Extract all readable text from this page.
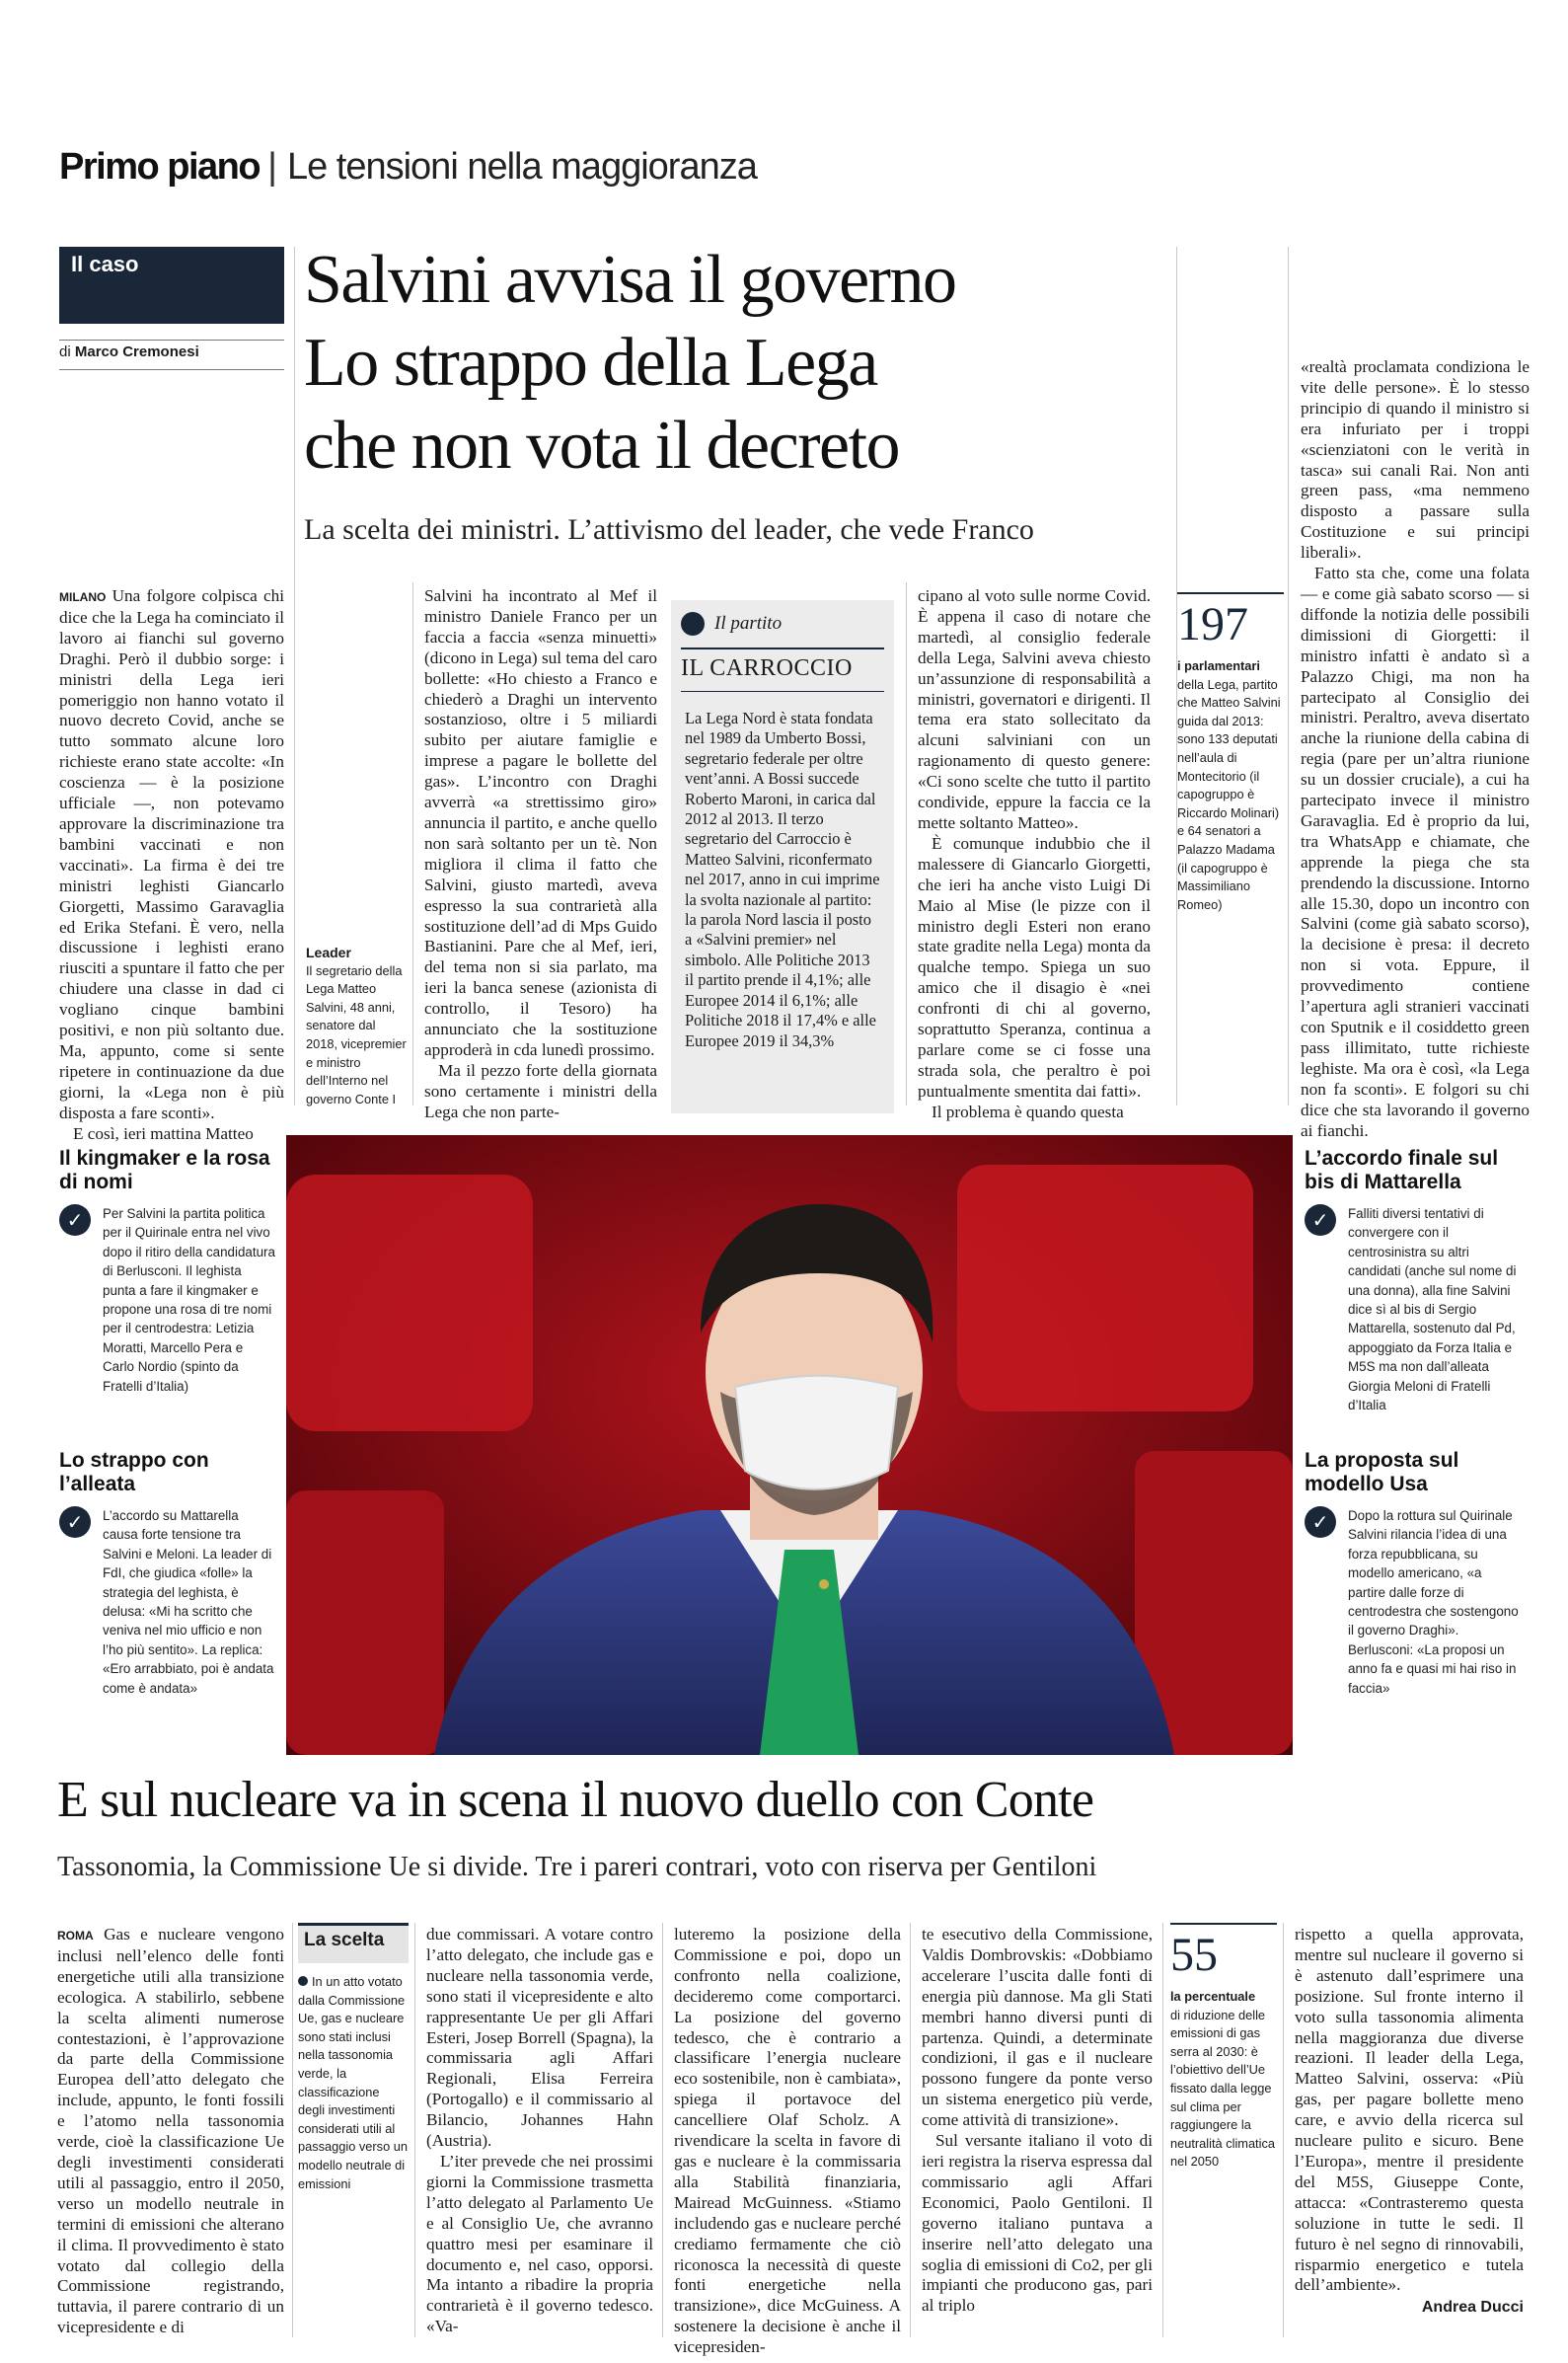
Primo piano | Le tensioni nella maggioranza
Il caso
di Marco Cremonesi
Salvini avvisa il governo
Lo strappo della Lega
che non vota il decreto
La scelta dei ministri. L’attivismo del leader, che vede Franco

MILANO Una folgore colpisca chi dice che la Lega ha cominciato il lavoro ai fianchi sul governo Draghi. Però il dubbio sorge: i ministri della Lega ieri pomeriggio non hanno votato il nuovo decreto Covid, anche se tutto sommato alcune loro richieste erano state accolte: «In coscienza — è la posizione ufficiale —, non potevamo approvare la discriminazione tra bambini vaccinati e non vaccinati». La firma è dei tre ministri leghisti Giancarlo Giorgetti, Massimo Garavaglia ed Erika Stefani. È vero, nella discussione i leghisti erano riusciti a spuntare il fatto che per chiudere una classe in dad ci vogliano cinque bambini positivi, e non più soltanto due. Ma, appunto, come si sente ripetere in continuazione da due giorni, la «Lega non è più disposta a fare sconti».

E così, ieri mattina Matteo

Leader
Il segretario della Lega Matteo Salvini, 48 anni, senatore dal 2018, vicepremier e ministro dell’Interno nel governo Conte I

Salvini ha incontrato al Mef il ministro Daniele Franco per un faccia a faccia «senza minuetti» (dicono in Lega) sul tema del caro bollette: «Ho chiesto a Franco e chiederò a Draghi un intervento sostanzioso, oltre i 5 miliardi subito per aiutare famiglie e imprese a pagare le bollette del gas». L’incontro con Draghi avverrà «a strettissimo giro» annuncia il partito, e anche quello non sarà soltanto per un tè. Non migliora il clima il fatto che Salvini, giusto martedì, aveva espresso la sua contrarietà alla sostituzione dell’ad di Mps Guido Bastianini. Pare che al Mef, ieri, del tema non si sia parlato, ma ieri la banca senese (azionista di controllo, il Tesoro) ha annunciato che la sostituzione approderà in cda lunedì prossimo.

Ma il pezzo forte della giornata sono certamente i ministri della Lega che non parte-

Il partito
IL CARROCCIO
La Lega Nord è stata fondata nel 1989 da Umberto Bossi, segretario federale per oltre vent’anni. A Bossi succede Roberto Maroni, in carica dal 2012 al 2013. Il terzo segretario del Carroccio è Matteo Salvini, riconfermato nel 2017, anno in cui imprime la svolta nazionale al partito: la parola Nord lascia il posto a «Salvini premier» nel simbolo. Alle Politiche 2013 il partito prende il 4,1%; alle Europee 2014 il 6,1%; alle Politiche 2018 il 17,4% e alle Europee 2019 il 34,3%

cipano al voto sulle norme Covid. È appena il caso di notare che martedì, al consiglio federale della Lega, Salvini aveva chiesto un’assunzione di responsabilità a ministri, governatori e dirigenti. Il tema era stato sollecitato da alcuni salviniani con un ragionamento di questo genere: «Ci sono scelte che tutto il partito condivide, eppure la faccia ce la mette soltanto Matteo».

È comunque indubbio che il malessere di Giancarlo Giorgetti, che ieri ha anche visto Luigi Di Maio al Mise (le pizze con il ministro degli Esteri non erano state gradite nella Lega) monta da qualche tempo. Spiega un suo amico che il disagio è «nei confronti di chi al governo, soprattutto Speranza, continua a parlare come se ci fosse una strada sola, che peraltro è poi puntualmente smentita dai fatti».

Il problema è quando questa

197
i parlamentari
della Lega, partito che Matteo Salvini guida dal 2013: sono 133 deputati nell’aula di Montecitorio (il capogruppo è Riccardo Molinari) e 64 senatori a Palazzo Madama (il capogruppo è Massimiliano Romeo)

«realtà proclamata condiziona le vite delle persone». È lo stesso principio di quando il ministro si era infuriato per i troppi «scienziatoni con le verità in tasca» sui canali Rai. Non anti green pass, «ma nemmeno disposto a passare sulla Costituzione e sui principi liberali».

Fatto sta che, come una folata — e come già sabato scorso — si diffonde la notizia delle possibili dimissioni di Giorgetti: il ministro infatti è andato sì a Palazzo Chigi, ma non ha partecipato al Consiglio dei ministri. Peraltro, aveva disertato anche la riunione della cabina di regia (pare per un’altra riunione su un dossier cruciale), a cui ha partecipato invece il ministro Garavaglia. Ed è proprio da lui, tra WhatsApp e chiamate, che apprende la piega che sta prendendo la discussione. Intorno alle 15.30, dopo un incontro con Salvini (come già sabato scorso), la decisione è presa: il decreto non si vota. Eppure, il provvedimento contiene l’apertura agli stranieri vaccinati con Sputnik e il cosiddetto green pass illimitato, tutte richieste leghiste. Ma ora è così, «la Lega non fa sconti». E folgori su chi dice che sta lavorando il governo ai fianchi.

Il kingmaker e la rosa di nomi
✓	Per Salvini la partita politica per il Quirinale entra nel vivo dopo il ritiro della candidatura di Berlusconi. Il leghista punta a fare il kingmaker e propone una rosa di tre nomi per il centrodestra: Letizia Moratti, Marcello Pera e Carlo Nordio (spinto da Fratelli d’Italia)
Lo strappo con l’alleata
✓	L’accordo su Mattarella causa forte tensione tra Salvini e Meloni. La leader di FdI, che giudica «folle» la strategia del leghista, è delusa: «Mi ha scritto che veniva nel mio ufficio e non l’ho più sentito». La replica: «Ero arrabbiato, poi è andata come è andata»
L’accordo finale sul bis di Mattarella
✓	Falliti diversi tentativi di convergere con il centrosinistra su altri candidati (anche sul nome di una donna), alla fine Salvini dice sì al bis di Sergio Mattarella, sostenuto dal Pd, appoggiato da Forza Italia e M5S ma non dall’alleata Giorgia Meloni di Fratelli d’Italia
La proposta sul modello Usa
✓	Dopo la rottura sul Quirinale Salvini rilancia l’idea di una forza repubblicana, su modello americano, «a partire dalle forze di centrodestra che sostengono il governo Draghi». Berlusconi: «La proposi un anno fa e quasi mi hai riso in faccia»
E sul nucleare va in scena il nuovo duello con Conte
Tassonomia, la Commissione Ue si divide. Tre i pareri contrari, voto con riserva per Gentiloni

ROMA Gas e nucleare vengono inclusi nell’elenco delle fonti energetiche utili alla transizione ecologica. A stabilirlo, sebbene la scelta alimenti numerose contestazioni, è l’approvazione da parte della Commissione Europea dell’atto delegato che include, appunto, le fonti fossili e l’atomo nella tassonomia verde, cioè la classificazione Ue degli investimenti considerati utili al passaggio, entro il 2050, verso un modello neutrale in termini di emissioni che alterano il clima. Il provvedimento è stato votato dal collegio della Commissione registrando, tuttavia, il parere contrario di un vicepresidente e di

La scelta
In un atto votato dalla Commissione Ue, gas e nucleare sono stati inclusi nella tassonomia verde, la classificazione degli investimenti considerati utili al passaggio verso un modello neutrale di emissioni

due commissari. A votare contro l’atto delegato, che include gas e nucleare nella tassonomia verde, sono stati il vicepresidente e alto rappresentante Ue per gli Affari Esteri, Josep Borrell (Spagna), la commissaria agli Affari Regionali, Elisa Ferreira (Portogallo) e il commissario al Bilancio, Johannes Hahn (Austria).

L’iter prevede che nei prossimi giorni la Commissione trasmetta l’atto delegato al Parlamento Ue e al Consiglio Ue, che avranno quattro mesi per esaminare il documento e, nel caso, opporsi. Ma intanto a ribadire la propria contrarietà è il governo tedesco. «Va-

luteremo la posizione della Commissione e poi, dopo un confronto nella coalizione, decideremo come comportarci. La posizione del governo tedesco, che è contrario a classificare l’energia nucleare eco sostenibile, non è cambiata», spiega il portavoce del cancelliere Olaf Scholz. A rivendicare la scelta in favore di gas e nucleare è la commissaria alla Stabilità finanziaria, Mairead McGuinness. «Stiamo includendo gas e nucleare perché crediamo fermamente che ciò riconosca la necessità di queste fonti energetiche nella transizione», dice McGuiness. A sostenere la decisione è anche il vicepresiden-

te esecutivo della Commissione, Valdis Dombrovskis: «Dobbiamo accelerare l’uscita dalle fonti di energia più dannose. Ma gli Stati membri hanno diversi punti di partenza. Quindi, a determinate condizioni, il gas e il nucleare possono fungere da ponte verso un sistema energetico più verde, come attività di transizione».

Sul versante italiano il voto di ieri registra la riserva espressa dal commissario agli Affari Economici, Paolo Gentiloni. Il governo italiano puntava a inserire nell’atto delegato una soglia di emissioni di Co2, per gli impianti che producono gas, pari al triplo

55
la percentuale
di riduzione delle emissioni di gas serra al 2030: è l’obiettivo dell’Ue fissato dalla legge sul clima per raggiungere la neutralità climatica nel 2050

rispetto a quella approvata, mentre sul nucleare il governo si è astenuto dall’esprimere una posizione. Sul fronte interno il voto sulla tassonomia alimenta nella maggioranza due diverse reazioni. Il leader della Lega, Matteo Salvini, osserva: «Più gas, per pagare bollette meno care, e avvio della ricerca sul nucleare pulito e sicuro. Bene l’Europa», mentre il presidente del M5S, Giuseppe Conte, attacca: «Contrasteremo questa soluzione in tutte le sedi. Il futuro è nel segno di rinnovabili, risparmio energetico e tutela dell’ambiente».

Andrea Ducci
